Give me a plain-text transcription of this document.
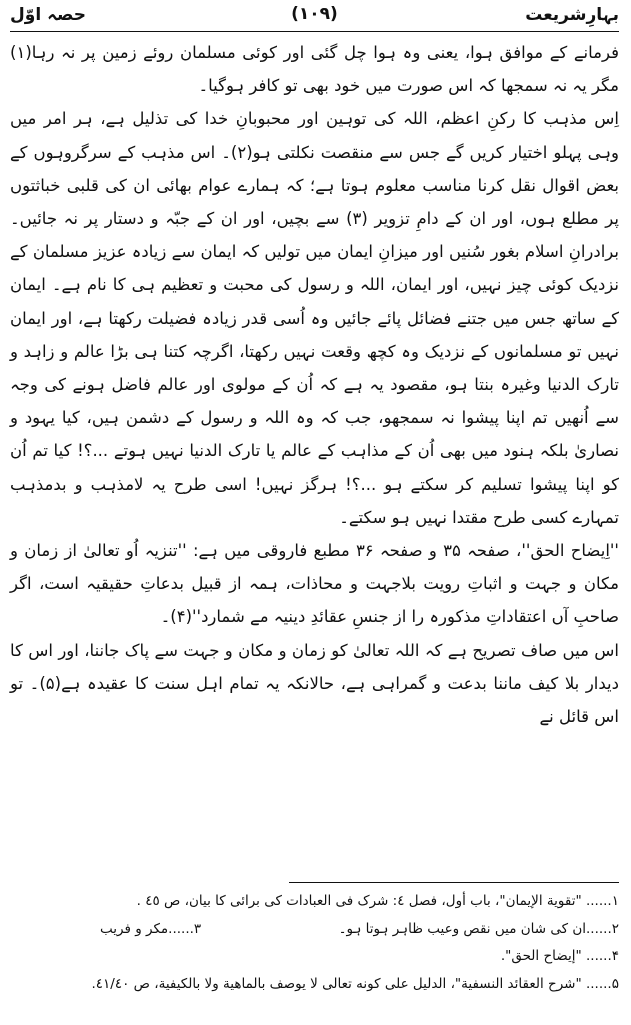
بہارِشریعت
(۱۰۹)
حصہ اوّل

فرمانے کے موافق ہوا، یعنی وہ ہوا چل گئی اور کوئی مسلمان روئے زمین پر نہ رہا(۱) مگر یہ نہ سمجھا کہ اس صورت میں خود بھی تو کافر ہوگیا۔

اِس مذہب کا رکنِ اعظم، اللہ کی توہین اور محبوبانِ خدا کی تذلیل ہے، ہر امر میں وہی پہلو اختیار کریں گے جس سے منقصت نکلتی ہو(۲)۔ اس مذہب کے سرگروہوں کے بعض اقوال نقل کرنا مناسب معلوم ہوتا ہے؛ کہ ہمارے عوام بھائی ان کی قلبی خباثتوں پر مطلع ہوں، اور ان کے دامِ تزویر (۳) سے بچیں، اور ان کے جبّہ و دستار پر نہ جائیں۔ برادرانِ اسلام بغور سُنیں اور میزانِ ایمان میں تولیں کہ ایمان سے زیادہ عزیز مسلمان کے نزدیک کوئی چیز نہیں، اور ایمان، اللہ و رسول کی محبت و تعظیم ہی کا نام ہے۔ ایمان کے ساتھ جس میں جتنے فضائل پائے جائیں وہ اُسی قدر زیادہ فضیلت رکھتا ہے، اور ایمان نہیں تو مسلمانوں کے نزدیک وہ کچھ وقعت نہیں رکھتا، اگرچہ کتنا ہی بڑا عالم و زاہد و تارک الدنیا وغیرہ بنتا ہو، مقصود یہ ہے کہ اُن کے مولوی اور عالم فاضل ہونے کی وجہ سے اُنھیں تم اپنا پیشوا نہ سمجھو، جب کہ وہ اللہ و رسول کے دشمن ہیں، کیا یہود و نصاریٰ بلکہ ہنود میں بھی اُن کے مذاہب کے عالم یا تارک الدنیا نہیں ہوتے ...؟! کیا تم اُن کو اپنا پیشوا تسلیم کر سکتے ہو ...؟! ہرگز نہیں! اسی طرح یہ لامذہب و بدمذہب تمہارے کسی طرح مقتدا نہیں ہو سکتے۔

''اِیضاح الحق''، صفحہ ۳۵ و صفحہ ۳۶ مطبع فاروقی میں ہے: ''تنزیہ اُو تعالیٰ از زمان و مکان و جہت و اثباتِ رویت بلاجہت و محاذات، ہمہ از قبیل بدعاتِ حقیقیہ است، اگر صاحبِ آں اعتقاداتِ مذکورہ را از جنسِ عقائدِ دینیہ مے شمارد''(۴)۔

اس میں صاف تصریح ہے کہ اللہ تعالیٰ کو زمان و مکان و جہت سے پاک جاننا، اور اس کا دیدار بلا کیف ماننا بدعت و گمراہی ہے، حالانکہ یہ تمام اہل سنت کا عقیدہ ہے(۵)۔ تو اس قائل نے

۱...... "تقوية الإيمان"، باب أول، فصل ٤: شرک فی العبادات کی برائی کا بیان، ص ٤٥ .
۲......ان کی شان میں نقص وعیب ظاہر ہوتا ہو۔
۳......مکر و فریب
۴...... "إيضاح الحق".
۵...... "شرح العقائد النسفية"، الدليل على كونه تعالى لا يوصف بالماهية ولا بالكيفية، ص ٤١/٤٠.
